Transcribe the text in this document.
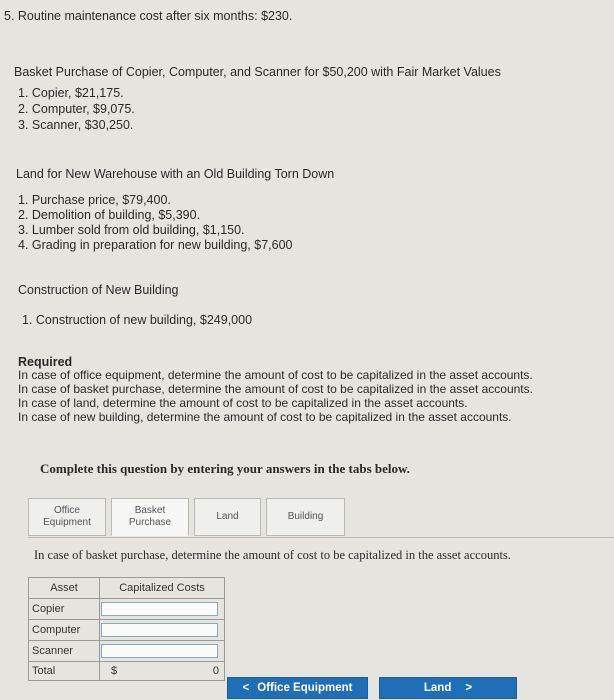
5. Routine maintenance cost after six months: $230.
Basket Purchase of Copier, Computer, and Scanner for $50,200 with Fair Market Values
1. Copier, $21,175.
2. Computer, $9,075.
3. Scanner, $30,250.
Land for New Warehouse with an Old Building Torn Down
1. Purchase price, $79,400.
2. Demolition of building, $5,390.
3. Lumber sold from old building, $1,150.
4. Grading in preparation for new building, $7,600
Construction of New Building
1. Construction of new building, $249,000
Required
In case of office equipment, determine the amount of cost to be capitalized in the asset accounts.
In case of basket purchase, determine the amount of cost to be capitalized in the asset accounts.
In case of land, determine the amount of cost to be capitalized in the asset accounts.
In case of new building, determine the amount of cost to be capitalized in the asset accounts.
Complete this question by entering your answers in the tabs below.
Office
Equipment
Basket
Purchase
Land	Building
In case of basket purchase, determine the amount of cost to be capitalized in the asset accounts.
Asset	Capitalized Costs
Copier	

Computer	

Scanner	

Total	$ 0
< Office Equipment	Land >
